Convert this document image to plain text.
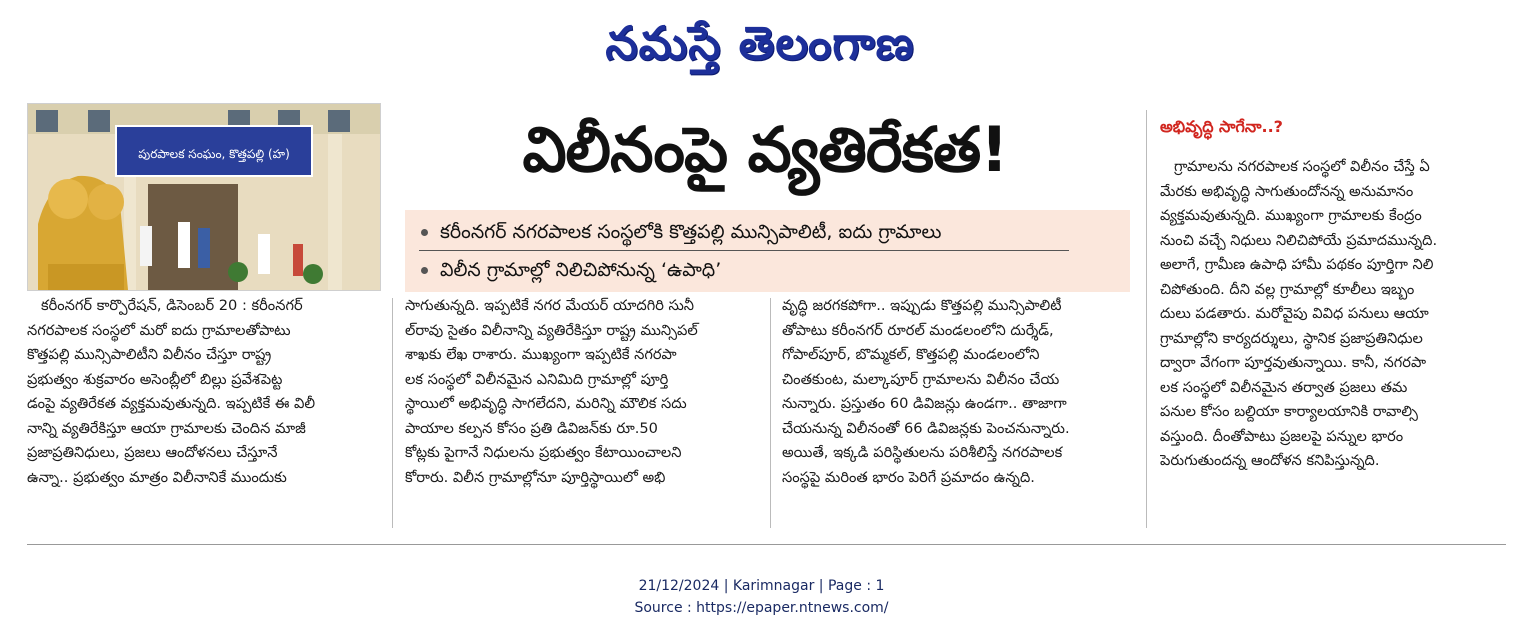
నమస్తే తెలంగాణ
పురపాలక సంఘం, కొత్తపల్లి (హ)	విలీనంపై వ్యతిరేకత!
కరీంనగర్ నగరపాలక సంస్థలోకి కొత్తపల్లి మున్సిపాలిటీ, ఐదు గ్రామాలు
విలీన గ్రామాల్లో నిలిచిపోనున్న ‘ఉపాధి’
కరీంనగర్ కార్పొరేషన్, డిసెంబర్ 20 : కరీంనగర్
నగరపాలక సంస్థలో మరో ఐదు గ్రామాలతోపాటు
కొత్తపల్లి మున్సిపాలిటీని విలీనం చేస్తూ రాష్ట్ర
ప్రభుత్వం శుక్రవారం అసెంబ్లీలో బిల్లు ప్రవేశపెట్ట
డంపై వ్యతిరేకత వ్యక్తమవుతున్నది. ఇప్పటికే ఈ విలీ
నాన్ని వ్యతిరేకిస్తూ ఆయా గ్రామాలకు చెందిన మాజీ
ప్రజాప్రతినిధులు, ప్రజలు ఆందోళనలు చేస్తూనే
ఉన్నా.. ప్రభుత్వం మాత్రం విలీనానికే ముందుకు
సాగుతున్నది. ఇప్పటికే నగర మేయర్ యాదగిరి సునీ
ల్‌రావు సైతం విలీనాన్ని వ్యతిరేకిస్తూ రాష్ట్ర మున్సిపల్
శాఖకు లేఖ రాశారు. ముఖ్యంగా ఇప్పటికే నగరపా
లక సంస్థలో విలీనమైన ఎనిమిది గ్రామాల్లో పూర్తి
స్థాయిలో అభివృద్ధి సాగలేదని, మరిన్ని మౌలిక సదు
పాయాల కల్పన కోసం ప్రతి డివిజన్‌కు రూ.50
కోట్లకు పైగానే నిధులను ప్రభుత్వం కేటాయించాలని
కోరారు. విలీన గ్రామాల్లోనూ పూర్తిస్థాయిలో అభి
వృద్ధి జరగకపోగా.. ఇప్పుడు కొత్తపల్లి మున్సిపాలిటీ
తోపాటు కరీంనగర్ రూరల్ మండలంలోని దుర్శేడ్,
గోపాల్‌పూర్, బొమ్మకల్, కొత్తపల్లి మండలంలోని
చింతకుంట, మల్కాపూర్ గ్రామాలను విలీనం చేయ
నున్నారు. ప్రస్తుతం 60 డివిజన్లు ఉండగా.. తాజాగా
చేయనున్న విలీనంతో 66 డివిజన్లకు పెంచనున్నారు.
అయితే, ఇక్కడి పరిస్థితులను పరిశీలిస్తే నగరపాలక
సంస్థపై మరింత భారం పెరిగే ప్రమాదం ఉన్నది.
అభివృద్ధి సాగేనా..?
గ్రామాలను నగరపాలక సంస్థలో విలీనం చేస్తే ఏ
మేరకు అభివృద్ధి సాగుతుందోనన్న అనుమానం
వ్యక్తమవుతున్నది. ముఖ్యంగా గ్రామాలకు కేంద్రం
నుంచి వచ్చే నిధులు నిలిచిపోయే ప్రమాదమున్నది.
అలాగే, గ్రామీణ ఉపాధి హామీ పథకం పూర్తిగా నిలి
చిపోతుంది. దీని వల్ల గ్రామాల్లో కూలీలు ఇబ్బం
దులు పడతారు. మరోవైపు వివిధ పనులు ఆయా
గ్రామాల్లోని కార్యదర్శులు, స్థానిక ప్రజాప్రతినిధుల
ద్వారా వేగంగా పూర్తవుతున్నాయి. కానీ, నగరపా
లక సంస్థలో విలీనమైన తర్వాత ప్రజలు తమ
పనుల కోసం బల్దియా కార్యాలయానికి రావాల్సి
వస్తుంది. దీంతోపాటు ప్రజలపై పన్నుల భారం
పెరుగుతుందన్న ఆందోళన కనిపిస్తున్నది.
21/12/2024 | Karimnagar | Page : 1
Source : https://epaper.ntnews.com/
